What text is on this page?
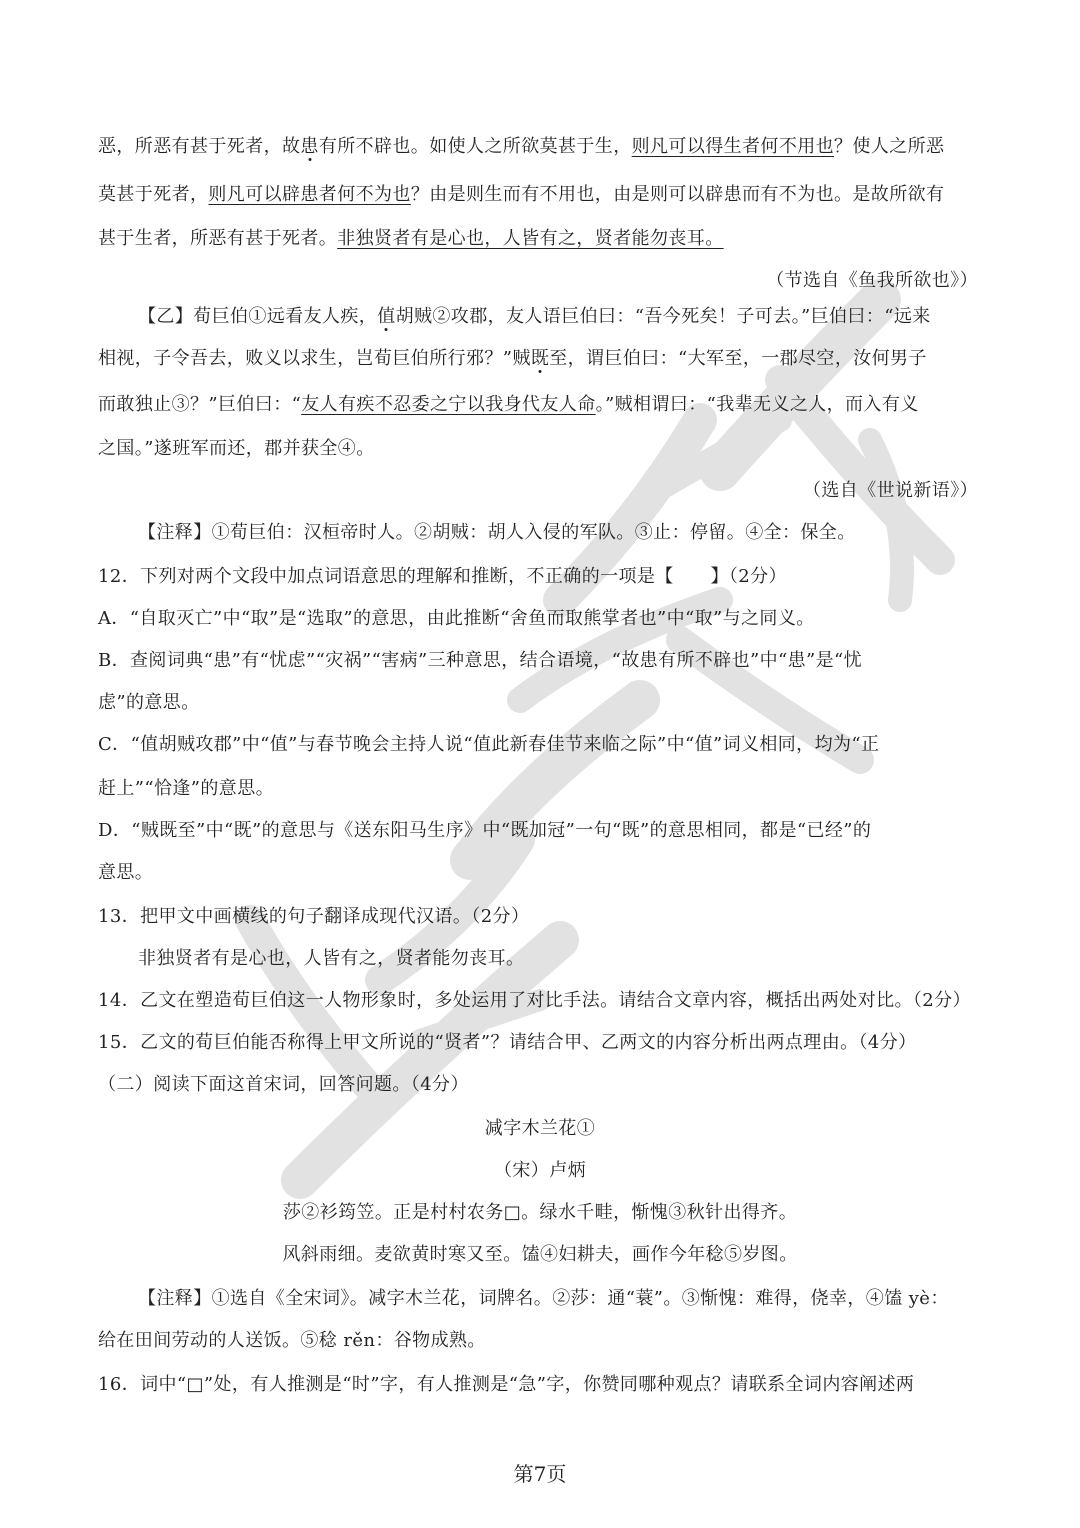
恶，所恶有甚于死者，故患有所不辟也。如使人之所欲莫甚于生，则凡可以得生者何不用也？使人之所恶
莫甚于死者，则凡可以辟患者何不为也？由是则生而有不用也，由是则可以辟患而有不为也。是故所欲有
甚于生者，所恶有甚于死者。非独贤者有是心也，人皆有之，贤者能勿丧耳。
（节选自《鱼我所欲也》）
【乙】荀巨伯①远看友人疾，值胡贼②攻郡，友人语巨伯曰：“吾今死矣！子可去。”巨伯曰：“远来
相视，子令吾去，败义以求生，岂荀巨伯所行邪？”贼既至，谓巨伯曰：“大军至，一郡尽空，汝何男子
而敢独止③？”巨伯曰：“友人有疾不忍委之宁以我身代友人命。”贼相谓曰：“我辈无义之人，而入有义
之国。”遂班军而还，郡并获全④。
（选自《世说新语》）
【注释】①荀巨伯：汉桓帝时人。②胡贼：胡人入侵的军队。③止：停留。④全：保全。
12．下列对两个文段中加点词语意思的理解和推断，不正确的一项是【　　】（2分）
A．“自取灭亡”中“取”是“选取”的意思，由此推断“舍鱼而取熊掌者也”中“取”与之同义。
B．查阅词典“患”有“忧虑”“灾祸”“害病”三种意思，结合语境，“故患有所不辟也”中“患”是“忧
虑”的意思。
C．“值胡贼攻郡”中“值”与春节晚会主持人说“值此新春佳节来临之际”中“值”词义相同，均为“正
赶上”“恰逢”的意思。
D．“贼既至”中“既”的意思与《送东阳马生序》中“既加冠”一句“既”的意思相同，都是“已经”的
意思。
13．把甲文中画横线的句子翻译成现代汉语。（2分）
非独贤者有是心也，人皆有之，贤者能勿丧耳。
14．乙文在塑造荀巨伯这一人物形象时，多处运用了对比手法。请结合文章内容，概括出两处对比。（2分）
15．乙文的荀巨伯能否称得上甲文所说的“贤者”？请结合甲、乙两文的内容分析出两点理由。（4分）
（二）阅读下面这首宋词，回答问题。（4分）
减字木兰花①
（宋）卢炳
莎②衫筠笠。正是村村农务□。绿水千畦，惭愧③秋针出得齐。
风斜雨细。麦欲黄时寒又至。馌④妇耕夫，画作今年稔⑤岁图。
【注释】①选自《全宋词》。减字木兰花，词牌名。②莎：通“蓑”。③惭愧：难得，侥幸，④馌 yè：
给在田间劳动的人送饭。⑤稔 rěn：谷物成熟。
16．词中“□”处，有人推测是“时”字，有人推测是“急”字，你赞同哪种观点？请联系全词内容阐述两
第7页
